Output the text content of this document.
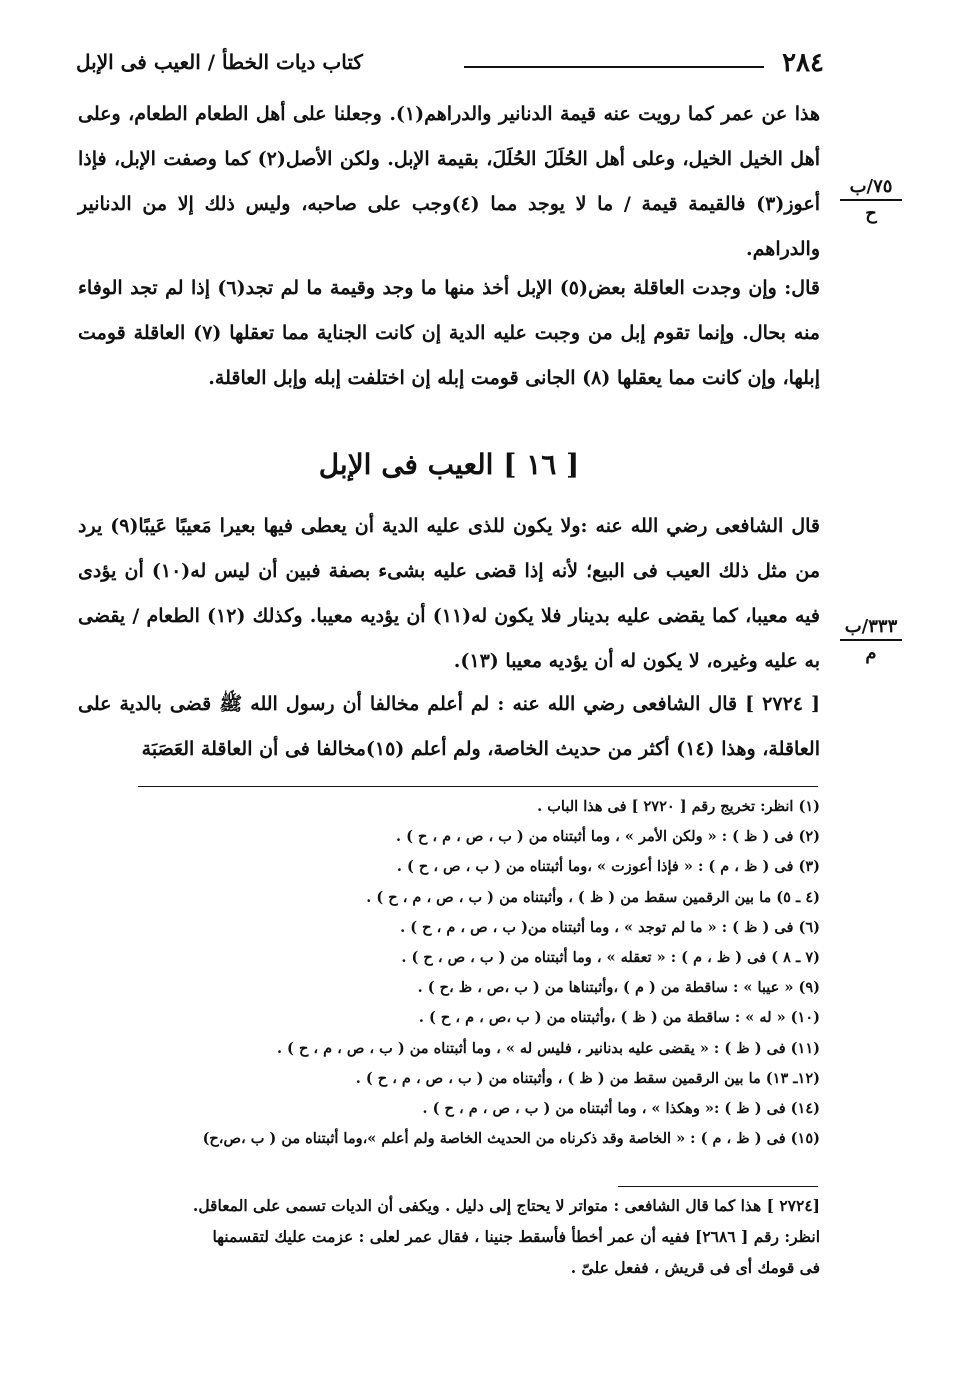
٢٨٤
كتاب ديات الخطأ / العيب فى الإبل
٧٥/ب
ح
٣٣٣/ب
م

هذا عن عمر كما رويت عنه قيمة الدنانير والدراهم(١). وجعلنا على أهل الطعام الطعام، وعلى أهل الخيل الخيل، وعلى أهل الحُلَلَ الحُلَلَ، بقيمة الإبل. ولكن الأصل(٢) كما وصفت الإبل، فإذا أعوز(٣) فالقيمة قيمة / ما لا يوجد مما (٤)وجب على صاحبه، وليس ذلك إلا من الدنانير والدراهم.

قال: وإن وجدت العاقلة بعض(٥) الإبل أخذ منها ما وجد وقيمة ما لم تجد(٦) إذا لم تجد الوفاء منه بحال. وإنما تقوم إبل من وجبت عليه الدية إن كانت الجناية مما تعقلها (٧) العاقلة قومت إبلها، وإن كانت مما يعقلها (٨) الجانى قومت إبله إن اختلفت إبله وإبل العاقلة.

[ ١٦ ] العيب فى الإبل

قال الشافعى رضي الله عنه :ولا يكون للذى عليه الدية أن يعطى فيها بعيرا مَعيبًا عَيبًا(٩) يرد من مثل ذلك العيب فى البيع؛ لأنه إذا قضى عليه بشىء بصفة فبين أن ليس له(١٠) أن يؤدى فيه معيبا، كما يقضى عليه بدينار فلا يكون له(١١) أن يؤديه معيبا. وكذلك (١٢) الطعام / يقضى به عليه وغيره، لا يكون له أن يؤديه معيبا (١٣).

[ ٢٧٢٤ ] قال الشافعى رضي الله عنه : لم أعلم مخالفا أن رسول الله ﷺ قضى بالدية على العاقلة، وهذا (١٤) أكثر من حديث الخاصة، ولم أعلم (١٥)مخالفا فى أن العاقلة العَصَبَة

(١) انظر: تخريج رقم [ ٢٧٢٠ ] فى هذا الباب .
(٢) فى ( ظ ) : « ولكن الأمر » ، وما أثبتناه من ( ب ، ص ، م ، ح ) .
(٣) فى ( ظ ، م ) : « فإذا أعوزت » ،وما أثبتناه من ( ب ، ص ، ح ) .
(٤ ـ ٥) ما بين الرقمين سقط من ( ظ ) ، وأثبتناه من ( ب ، ص ، م ، ح ) .
(٦) فى ( ظ ) : « ما لم توجد » ، وما أثبتناه من( ب ، ص ، م ، ح ) .
(٧ ـ ٨ ) فى ( ظ ، م ) : « تعقله » ، وما أثبتناه من ( ب ، ص ، ح ) .
(٩) « عيبا » : ساقطة من ( م ) ،وأثبتناها من ( ب ،ص ، ظ ،ح ) .
(١٠) « له » : ساقطة من ( ظ ) ،وأثبتناه من ( ب ،ص ، م ، ح ) .
(١١) فى ( ظ ) : « يقضى عليه بدنانير ، فليس له » ، وما أثبتناه من ( ب ، ص ، م ، ح ) .
(١٢ـ ١٣) ما بين الرقمين سقط من ( ظ ) ، وأثبتناه من ( ب ، ص ، م ، ح ) .
(١٤) فى ( ظ ) :« وهكذا » ، وما أثبتناه من ( ب ، ص ، م ، ح ) .
(١٥) فى ( ظ ، م ) : « الخاصة وقد ذكرناه من الحديث الخاصة ولم أعلم »،وما أثبتناه من ( ب ،ص،ح)

[٢٧٢٤ ] هذا كما قال الشافعى : متواتر لا يحتاج إلى دليل . ويكفى أن الديات تسمى على المعاقل.

انظر: رقم [ ٢٦٨٦] ففيه أن عمر أخطأ فأسقط جنينا ، فقال عمر لعلى : عزمت عليك لتقسمنها

فى قومك أى فى قريش ، ففعل علىّ .
